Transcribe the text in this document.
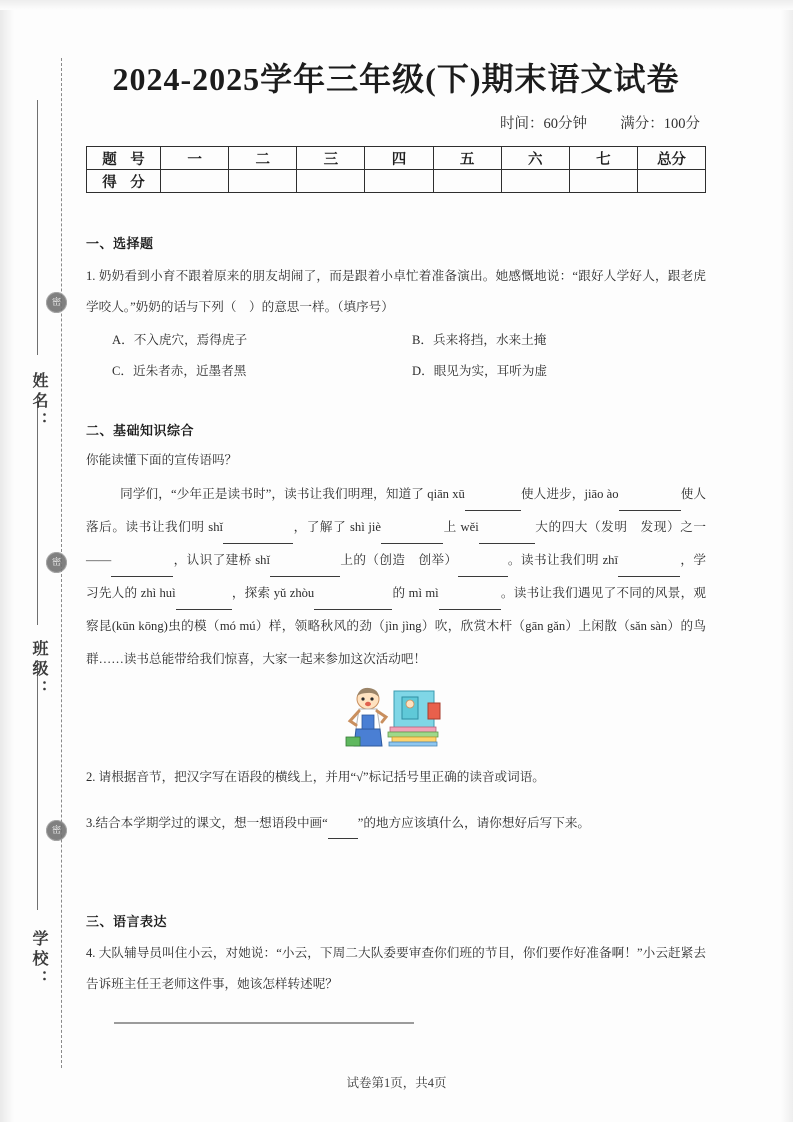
密
密
密
姓名：
班级：
学校：
2024-2025学年三年级(下)期末语文试卷
时间：60分钟 满分：100分
题 号	一	二	三	四	五	六	七	总分
得 分								
一、选择题
1. 奶奶看到小育不跟着原来的朋友胡闹了，而是跟着小卓忙着准备演出。她感慨地说：“跟好人学好人，跟老虎学咬人。”奶奶的话与下列（　）的意思一样。（填序号）
A．不入虎穴，焉得虎子	B．兵来将挡，水来土掩
C．近朱者赤，近墨者黑	D．眼见为实，耳听为虚
二、基础知识综合
你能读懂下面的宣传语吗？
同学们，“少年正是读书时”，读书让我们明理，知道了 qiān xū	使人进步，jiāo ào	使人落后。读书让我们明 shǐ	，了解了 shì jiè	上 wěi	大的四大（发明　发现）之一——	，认识了建桥 shǐ	上的（创造　创举）	。读书让我们明 zhī	，学习先人的 zhì huì	，探索 yǔ zhòu	的 mì mì	。读书让我们遇见了不同的风景，观察昆(kūn kōng)虫的模（mó mú）样，领略秋风的劲（jìn jìng）吹，欣赏木杆（gān gǎn）上闲散（sǎn sàn）的鸟群……读书总能带给我们惊喜，大家一起来参加这次活动吧！
2. 请根据音节，把汉字写在语段的横线上，并用“√”标记括号里正确的读音或词语。
3.结合本学期学过的课文，想一想语段中画“ ”的地方应该填什么，请你想好后写下来。
三、语言表达
4. 大队辅导员叫住小云，对她说：“小云，下周二大队委要审查你们班的节目，你们要作好准备啊！”小云赶紧去告诉班主任王老师这件事，她该怎样转述呢？
试卷第1页，共4页
